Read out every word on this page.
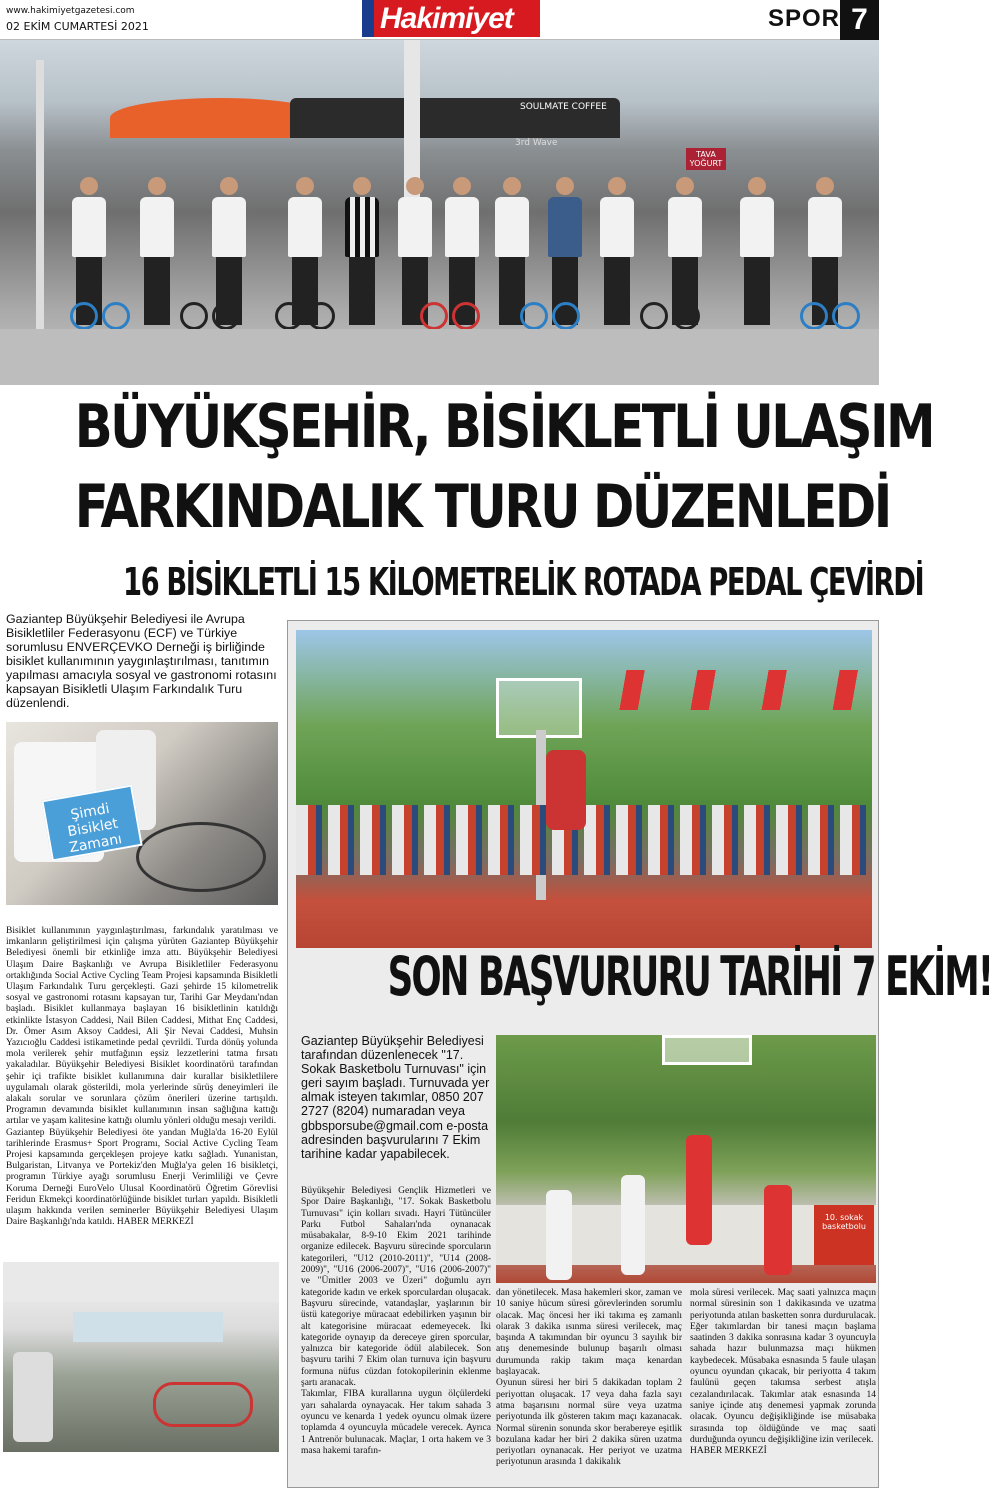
www.hakimiyetgazetesi.com
02 EKİM CUMARTESİ 2021	Hakimiyet	SPOR 7
SOULMATE COFFEE
3rd Wave
TAVA YOĞURT
BÜYÜKŞEHİR, BİSİKLETLİ ULAŞIM
FARKINDALIK TURU DÜZENLEDİ
16 BİSİKLETLİ 15 KİLOMETRELİK ROTADA PEDAL ÇEVİRDİ
Gaziantep Büyükşehir Belediyesi ile Avrupa Bisikletliler Federasyonu (ECF) ve Türkiye sorumlusu ENVERÇEVKO Derneği iş birliğinde bisiklet kullanımının yaygınlaştırılması, tanıtımın yapılması amacıyla sosyal ve gastronomi rotasını kapsayan Bisikletli Ulaşım Farkındalık Turu düzenlendi.
Şimdi Bisiklet Zamanı
Bisiklet kullanımının yaygınlaştırılması, farkındalık yaratılması ve imkanların geliştirilmesi için çalışma yürüten Gaziantep Büyükşehir Belediyesi önemli bir etkinliğe imza attı. Büyükşehir Belediyesi Ulaşım Daire Başkanlığı ve Avrupa Bisikletliler Federasyonu ortaklığında Social Active Cycling Team Projesi kapsamında Bisikletli Ulaşım Farkındalık Turu gerçekleşti. Gazi şehirde 15 kilometrelik sosyal ve gastronomi rotasını kapsayan tur, Tarihi Gar Meydanı'ndan başladı. Bisiklet kullanmaya başlayan 16 bisikletlinin katıldığı etkinlikte İstasyon Caddesi, Nail Bilen Caddesi, Mithat Enç Caddesi, Dr. Ömer Asım Aksoy Caddesi, Ali Şir Nevai Caddesi, Muhsin Yazıcıoğlu Caddesi istikametinde pedal çevrildi. Turda dönüş yolunda mola verilerek şehir mutfağının eşsiz lezzetlerini tatma fırsatı yakaladılar. Büyükşehir Belediyesi Bisiklet koordinatörü tarafından şehir içi trafikte bisiklet kullanımına dair kurallar bisikletlilere uygulamalı olarak gösterildi, mola yerlerinde sürüş deneyimleri ile alakalı sorular ve sorunlara çözüm önerileri üzerine tartışıldı. Programın devamında bisiklet kullanımının insan sağlığına kattığı artılar ve yaşam kalitesine kattığı olumlu yönleri olduğu mesajı verildi.
Gaziantep Büyükşehir Belediyesi öte yandan Muğla'da 16-20 Eylül tarihlerinde Erasmus+ Sport Programı, Social Active Cycling Team Projesi kapsamında gerçekleşen projeye katkı sağladı. Yunanistan, Bulgaristan, Litvanya ve Portekiz'den Muğla'ya gelen 16 bisikletçi, programın Türkiye ayağı sorumlusu Enerji Verimliliği ve Çevre Koruma Derneği EuroVelo Ulusal Koordinatörü Öğretim Görevlisi Feridun Ekmekçi koordinatörlüğünde bisiklet turları yapıldı. Bisikletli ulaşım hakkında verilen seminerler Büyükşehir Belediyesi Ulaşım Daire Başkanlığı'nda katıldı. HABER MERKEZİ
SON BAŞVURURU TARİHİ 7 EKİM!
Gaziantep Büyükşehir Belediyesi tarafından düzenlenecek "17. Sokak Basketbolu Turnuvası" için geri sayım başladı. Turnuvada yer almak isteyen takımlar, 0850 207 2727 (8204) numaradan veya gbbsporsube@gmail.com e-posta adresinden başvurularını 7 Ekim tarihine kadar yapabilecek.
10. sokak basketbolu
Büyükşehir Belediyesi Gençlik Hizmetleri ve Spor Daire Başkanlığı, "17. Sokak Basketbolu Turnuvası" için kolları sıvadı. Hayri Tütüncüler Parkı Futbol Sahaları'nda oynanacak müsabakalar, 8-9-10 Ekim 2021 tarihinde organize edilecek. Başvuru sürecinde sporcuların kategorileri, "U12 (2010-2011)", "U14 (2008-2009)", "U16 (2006-2007)", "U16 (2006-2007)" ve "Ümitler 2003 ve Üzeri" doğumlu ayrı kategoride kadın ve erkek sporculardan oluşacak. Başvuru sürecinde, vatandaşlar, yaşlarının bir üstü kategoriye müracaat edebilirken yaşının bir alt kategorisine müracaat edemeyecek. İki kategoride oynayıp da dereceye giren sporcular, yalnızca bir kategoride ödül alabilecek. Son başvuru tarihi 7 Ekim olan turnuva için başvuru formuna nüfus cüzdan fotokopilerinin eklenme şartı aranacak.
Takımlar, FIBA kurallarına uygun ölçülerdeki yarı sahalarda oynayacak. Her takım sahada 3 oyuncu ve kenarda 1 yedek oyuncu olmak üzere toplamda 4 oyuncuyla mücadele verecek. Ayrıca 1 Antrenör bulunacak. Maçlar, 1 orta hakem ve 3 masa hakemi tarafın-
dan yönetilecek. Masa hakemleri skor, zaman ve 10 saniye hücum süresi görevlerinden sorumlu olacak. Maç öncesi her iki takıma eş zamanlı olarak 3 dakika ısınma süresi verilecek, maç başında A takımından bir oyuncu 3 sayılık bir atış denemesinde bulunup başarılı olması durumunda rakip takım maça kenardan başlayacak.
Oyunun süresi her biri 5 dakikadan toplam 2 periyottan oluşacak. 17 veya daha fazla sayı atma başarısını normal süre veya uzatma periyotunda ilk gösteren takım maçı kazanacak. Normal sürenin sonunda skor berabereye eşitlik bozulana kadar her biri 2 dakika süren uzatma periyotları oynanacak. Her periyot ve uzatma periyotunun arasında 1 dakikalık
mola süresi verilecek. Maç saati yalnızca maçın normal süresinin son 1 dakikasında ve uzatma periyotunda atılan basketten sonra durdurulacak. Eğer takımlardan bir tanesi maçın başlama saatinden 3 dakika sonrasına kadar 3 oyuncuyla sahada hazır bulunmazsa maçı hükmen kaybedecek. Müsabaka esnasında 5 faule ulaşan oyuncu oyundan çıkacak, bir periyotta 4 takım faulünü geçen takımsa serbest atışla cezalandırılacak. Takımlar atak esnasında 14 saniye içinde atış denemesi yapmak zorunda olacak. Oyuncu değişikliğinde ise müsabaka sırasında top öldüğünde ve maç saati durduğunda oyuncu değişikliğine izin verilecek.
HABER MERKEZİ
